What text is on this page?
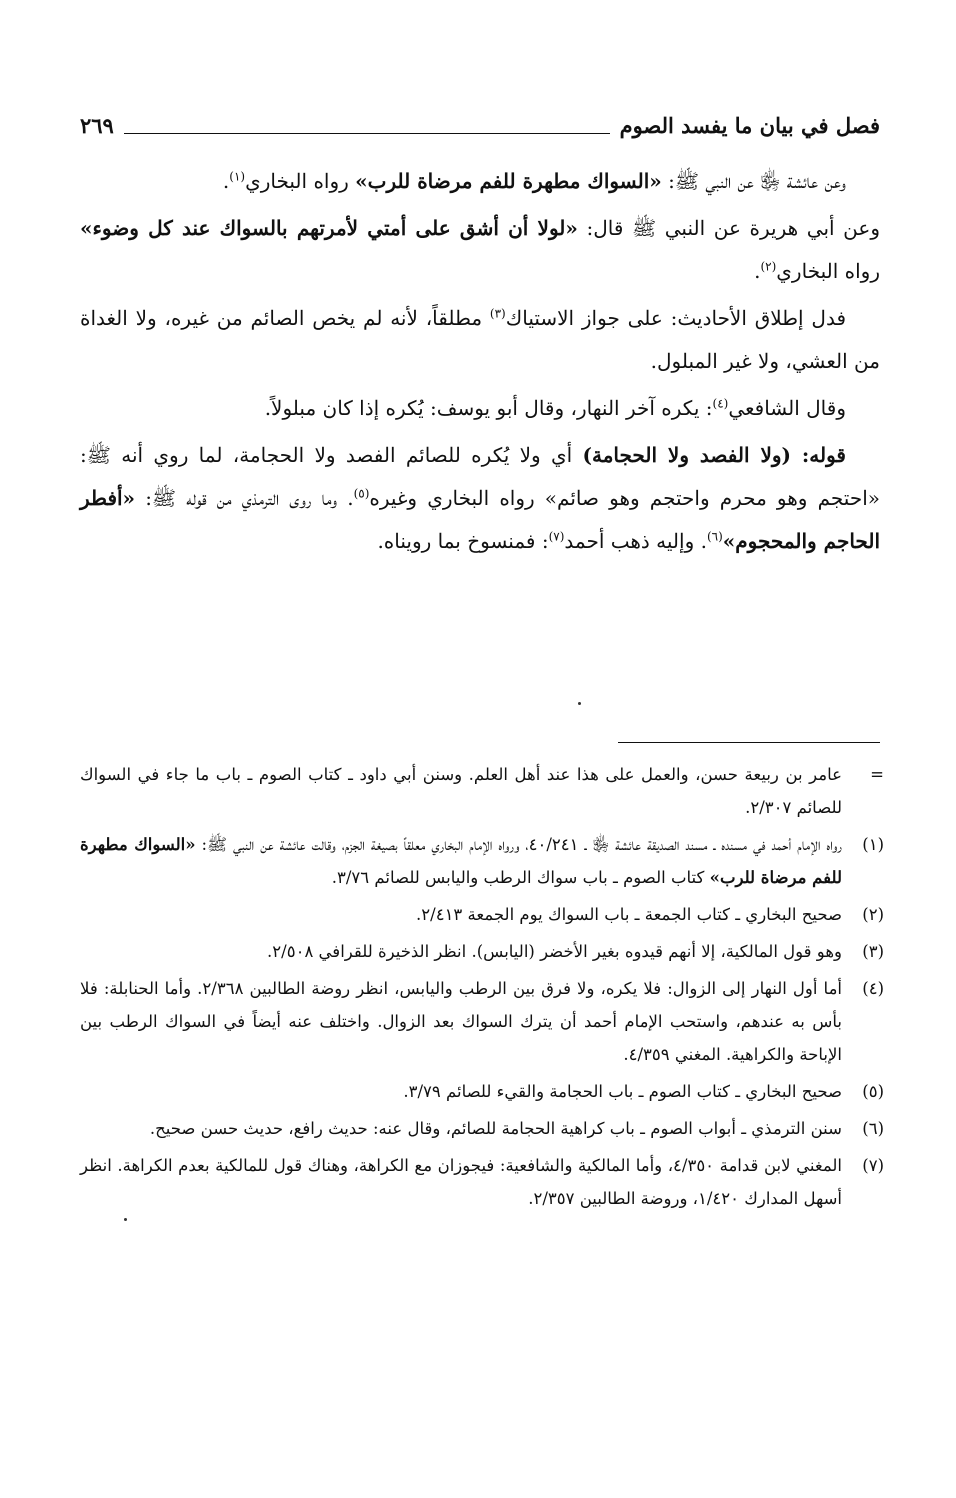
فصل في بيان ما يفسد الصوم
٢٦٩

وعن عائشة ﵂ عن النبي ﷺ: «السواك مطهرة للفم مرضاة للرب» رواه البخاري$^{(١)}$.

وعن أبي هريرة عن النبي ﷺ قال: «لولا أن أشق على أمتي لأمرتهم بالسواك عند كل وضوء» رواه البخاري$^{(٢)}$.

فدل إطلاق الأحاديث: على جواز الاستياك$^{(٣)}$ مطلقاً، لأنه لم يخص الصائم من غيره، ولا الغداة من العشي، ولا غير المبلول.

وقال الشافعي$^{(٤)}$: يكره آخر النهار، وقال أبو يوسف: يُكره إذا كان مبلولاً.

قوله: (ولا الفصد ولا الحجامة) أي ولا يُكره للصائم الفصد ولا الحجامة، لما روي أنه ﷺ: «احتجم وهو محرم واحتجم وهو صائم» رواه البخاري وغيره$^{(٥)}$. وما روى الترمذي من قوله ﷺ: «أفطر الحاجم والمحجوم»$^{(٦)}$. وإليه ذهب أحمد$^{(٧)}$: فمنسوخ بما رويناه.

=
عامر بن ربيعة حسن، والعمل على هذا عند أهل العلم. وسنن أبي داود ـ كتاب الصوم ـ باب ما جاء في السواك للصائم ٢/٣٠٧.
(١)
رواه الإمام أحمد في مسنده ـ مسند الصديقة عائشة ﵂ ـ ٤٠/٢٤١، ورواه الإمام البخاري معلقاً بصيغة الجزم، وقالت عائشة عن النبي ﷺ: «السواك مطهرة للفم مرضاة للرب» كتاب الصوم ـ باب سواك الرطب واليابس للصائم ٣/٧٦.
(٢)
صحيح البخاري ـ كتاب الجمعة ـ باب السواك يوم الجمعة ٢/٤١٣.
(٣)
وهو قول المالكية، إلا أنهم قيدوه بغير الأخضر (اليابس). انظر الذخيرة للقرافي ٢/٥٠٨.
(٤)
أما أول النهار إلى الزوال: فلا يكره، ولا فرق بين الرطب واليابس، انظر روضة الطالبين ٢/٣٦٨. وأما الحنابلة: فلا بأس به عندهم، واستحب الإمام أحمد أن يترك السواك بعد الزوال. واختلف عنه أيضاً في السواك الرطب بين الإباحة والكراهية. المغني ٤/٣٥٩.
(٥)
صحيح البخاري ـ كتاب الصوم ـ باب الحجامة والقيء للصائم ٣/٧٩.
(٦)
سنن الترمذي ـ أبواب الصوم ـ باب كراهية الحجامة للصائم، وقال عنه: حديث رافع، حديث حسن صحيح.
(٧)
المغني لابن قدامة ٤/٣٥٠، وأما المالكية والشافعية: فيجوزان مع الكراهة، وهناك قول للمالكية بعدم الكراهة. انظر أسهل المدارك ١/٤٢٠، وروضة الطالبين ٢/٣٥٧.
